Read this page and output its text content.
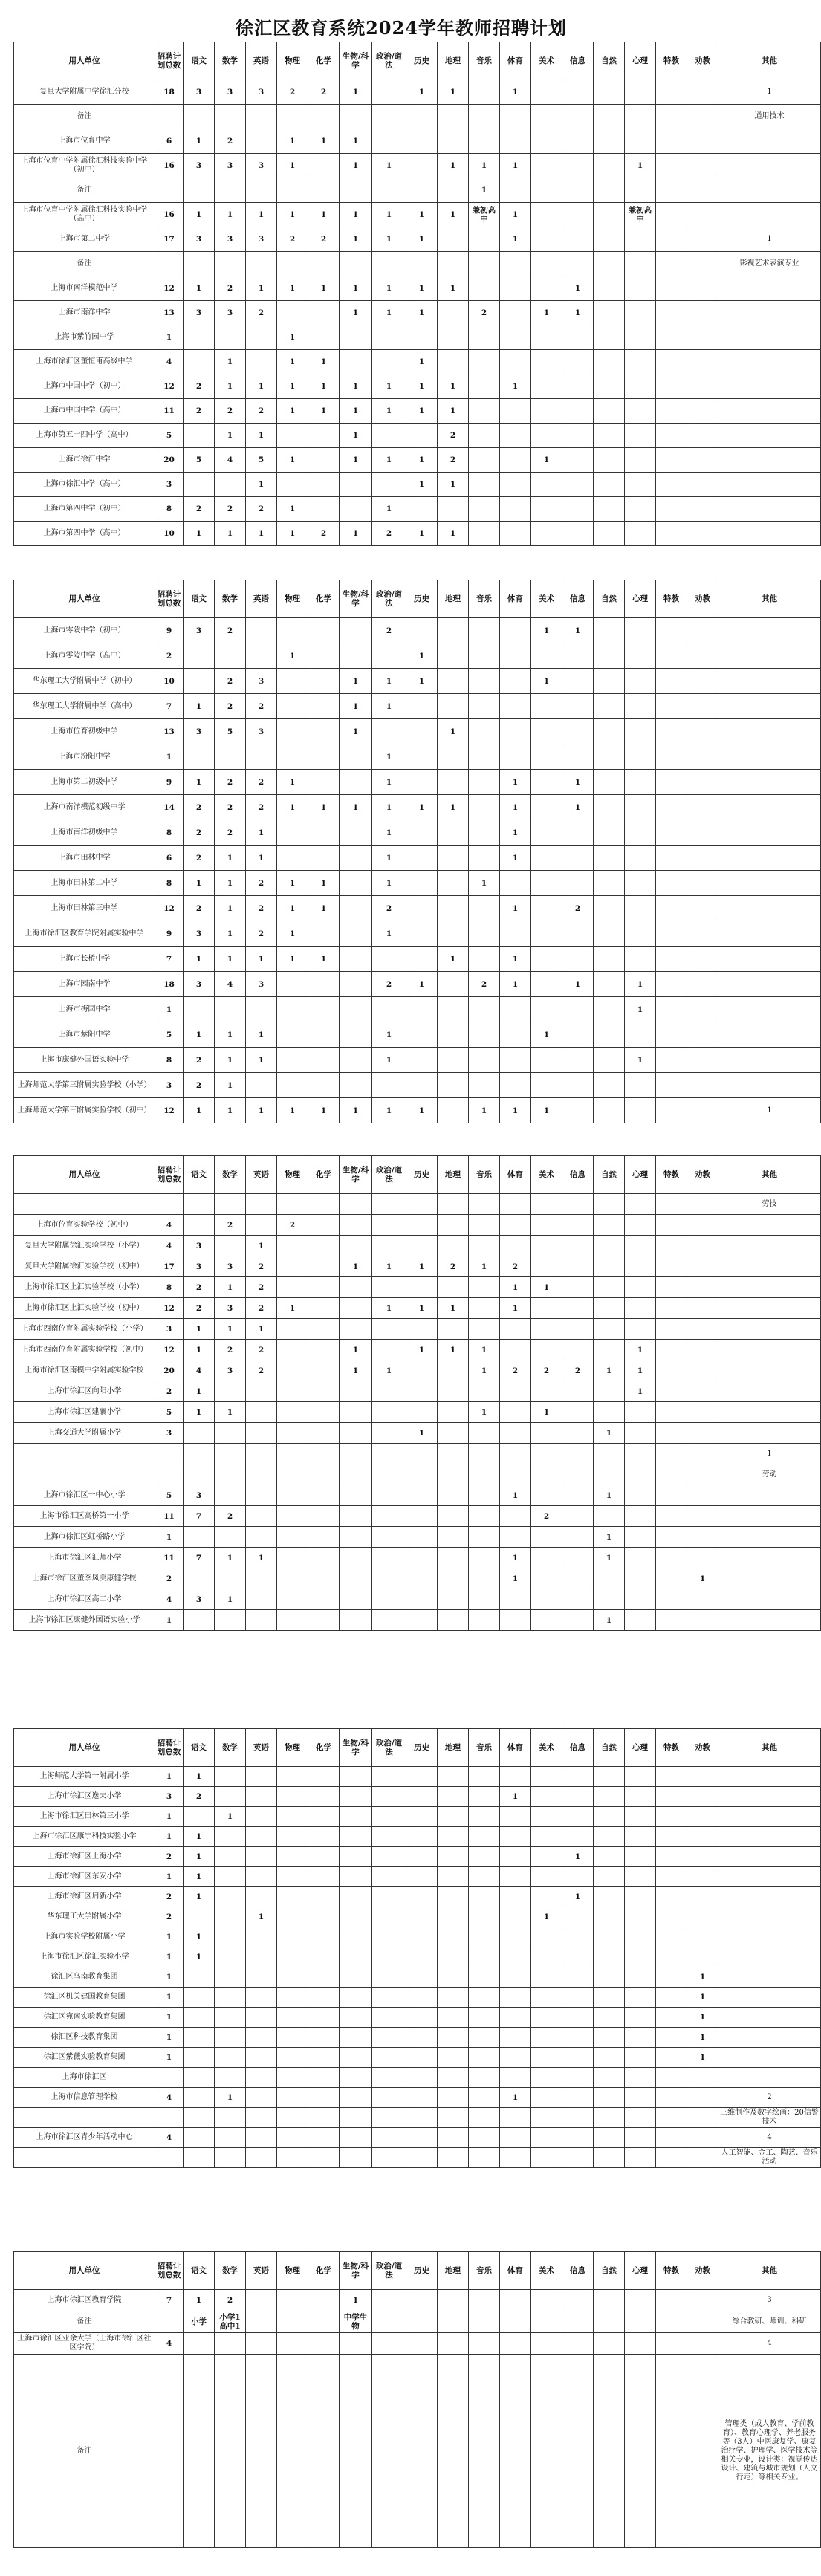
徐汇区教育系统2024学年教师招聘计划
用人单位	招聘计划总数	语文	数学	英语	物理	化学	生物/科学	政治/道法	历史	地理	音乐	体育	美术	信息	自然	心理	特教	劝教	其他
复旦大学附属中学徐汇分校	18	3	3	3	2	2	1		1	1		1							1
备注																			通用技术
上海市位育中学	6	1	2		1	1	1												
上海市位育中学附属徐汇科技实验中学（初中）	16	3	3	3	1		1	1		1	1	1				1			
备注											1								
上海市位育中学附属徐汇科技实验中学（高中）	16	1	1	1	1	1	1	1	1	1	兼初高中	1				兼初高中			
上海市第二中学	17	3	3	3	2	2	1	1	1			1							1
备注																			影视艺术表演专业
上海市南洋模范中学	12	1	2	1	1	1	1	1	1	1				1					
上海市南洋中学	13	3	3	2			1	1	1		2		1	1					
上海市紫竹园中学	1				1														
上海市徐汇区董恒甫高级中学	4		1		1	1			1										
上海市中国中学（初中）	12	2	1	1	1	1	1	1	1	1		1							
上海市中国中学（高中）	11	2	2	2	1	1	1	1	1	1									
上海市第五十四中学（高中）	5		1	1			1			2									
上海市徐汇中学	20	5	4	5	1		1	1	1	2			1						
上海市徐汇中学（高中）	3			1					1	1									
上海市第四中学（初中）	8	2	2	2	1			1											
上海市第四中学（高中）	10	1	1	1	1	2	1	2	1	1									
用人单位	招聘计划总数	语文	数学	英语	物理	化学	生物/科学	政治/道法	历史	地理	音乐	体育	美术	信息	自然	心理	特教	劝教	其他
上海市零陵中学（初中）	9	3	2					2					1	1					
上海市零陵中学（高中）	2				1				1										
华东理工大学附属中学（初中）	10		2	3			1	1	1				1						
华东理工大学附属中学（高中）	7	1	2	2			1	1											
上海市位育初级中学	13	3	5	3			1			1									
上海市汾阳中学	1							1											
上海市第二初级中学	9	1	2	2	1			1				1		1					
上海市南洋模范初级中学	14	2	2	2	1	1	1	1	1	1		1		1					
上海市南洋初级中学	8	2	2	1				1				1							
上海市田林中学	6	2	1	1				1				1							
上海市田林第二中学	8	1	1	2	1	1		1			1								
上海市田林第三中学	12	2	1	2	1	1		2				1		2					
上海市徐汇区教育学院附属实验中学	9	3	1	2	1			1											
上海市长桥中学	7	1	1	1	1	1				1		1							
上海市园南中学	18	3	4	3				2	1		2	1		1		1			
上海市梅园中学	1															1			
上海市紫阳中学	5	1	1	1				1					1						
上海市康健外国语实验中学	8	2	1	1				1								1			
上海师范大学第三附属实验学校（小学）	3	2	1																
上海师范大学第三附属实验学校（初中）	12	1	1	1	1	1	1	1	1		1	1	1						1
用人单位	招聘计划总数	语文	数学	英语	物理	化学	生物/科学	政治/道法	历史	地理	音乐	体育	美术	信息	自然	心理	特教	劝教	其他
																			劳技
上海市位育实验学校（初中）	4		2		2														
复旦大学附属徐汇实验学校（小学）	4	3		1															
复旦大学附属徐汇实验学校（初中）	17	3	3	2			1	1	1	2	1	2							
上海市徐汇区上汇实验学校（小学）	8	2	1	2								1	1						
上海市徐汇区上汇实验学校（初中）	12	2	3	2	1			1	1	1		1							
上海市西南位育附属实验学校（小学）	3	1	1	1															
上海市西南位育附属实验学校（初中）	12	1	2	2			1		1	1	1					1			
上海市徐汇区南模中学附属实验学校	20	4	3	2			1	1			1	2	2	2	1	1			
上海市徐汇区向阳小学	2	1														1			
上海市徐汇区建襄小学	5	1	1								1		1						
上海交通大学附属小学	3								1						1				
																			1
																			劳动
上海市徐汇区一中心小学	5	3										1			1				
上海市徐汇区高桥第一小学	11	7	2										2						
上海市徐汇区虹桥路小学	1														1				
上海市徐汇区汇师小学	11	7	1	1								1			1				
上海市徐汇区董李凤美康健学校	2											1						1	
上海市徐汇区高二小学	4	3	1																
上海市徐汇区康健外国语实验小学	1														1				
用人单位	招聘计划总数	语文	数学	英语	物理	化学	生物/科学	政治/道法	历史	地理	音乐	体育	美术	信息	自然	心理	特教	劝教	其他
上海师范大学第一附属小学	1	1																	
上海市徐汇区逸夫小学	3	2										1							
上海市徐汇区田林第三小学	1		1																
上海市徐汇区康宁科技实验小学	1	1																	
上海市徐汇区上海小学	2	1												1					
上海市徐汇区东安小学	1	1																	
上海市徐汇区启新小学	2	1												1					
华东理工大学附属小学	2			1									1						
上海市实验学校附属小学	1	1																	
上海市徐汇区徐汇实验小学	1	1																	
徐汇区乌南教育集团	1																	1	
徐汇区机关建国教育集团	1																	1	
徐汇区宛南实验教育集团	1																	1	
徐汇区科技教育集团	1																	1	
徐汇区紫薇实验教育集团	1																	1	
上海市徐汇区																			
上海市信息管理学校	4		1									1							2
																			三维制作及数字绘画：20信警技术
上海市徐汇区青少年活动中心	4																		4
																			人工智能、金工、陶艺、音乐活动
用人单位	招聘计划总数	语文	数学	英语	物理	化学	生物/科学	政治/道法	历史	地理	音乐	体育	美术	信息	自然	心理	特教	劝教	其他
上海市徐汇区教育学院	7	1	2				1												3
备注		小学	小学1 高中1				中学生物												综合教研、师训、科研
上海市徐汇区业余大学（上海市徐汇区社区学院）	4																		4
备注																			管理类（成人教育、学前教育）、教育心理学、养老服务等（3人）中医康复学、康复治疗学、护理学、医学技术等相关专业，设计类：视觉传达设计、建筑与城市规划（人文行走）等相关专业。
